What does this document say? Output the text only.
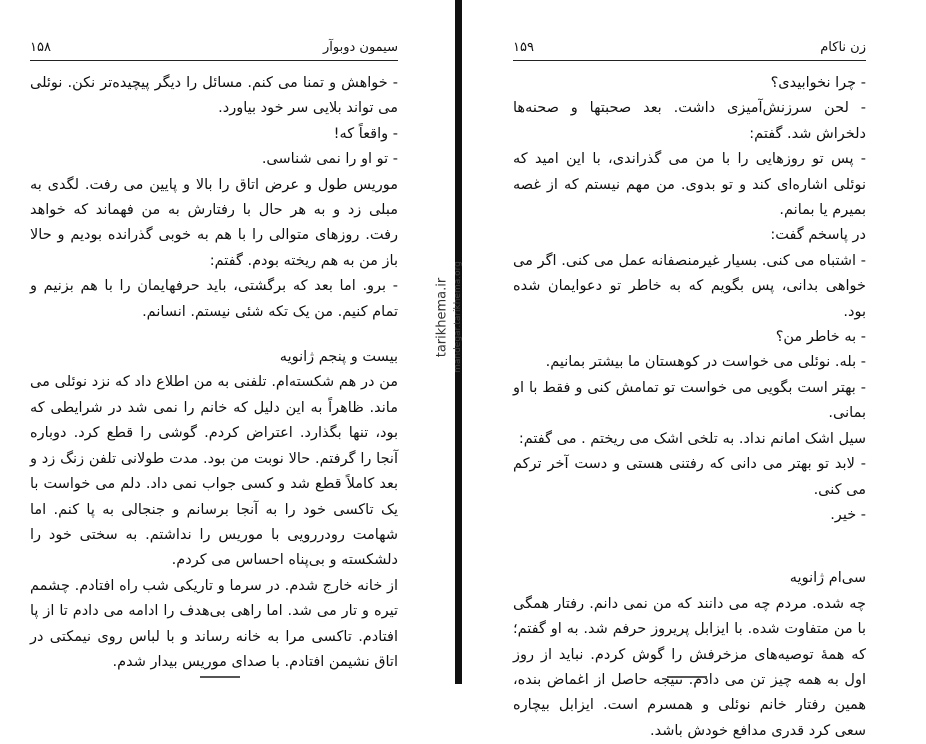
سیمون دوبوآر
۱۵۸

- خواهش و تمنا می کنم. مسائل را دیگر پیچیده‌تر نکن. نوئلی می تواند بلایی سر خود بیاورد.

- واقعاً که!

- تو او را نمی شناسی.

موریس طول و عرض اتاق را بالا و پایین می رفت. لگدی به مبلی زد و به هر حال با رفتارش به من فهماند که خواهد رفت. روزهای متوالی را با هم به خوبی گذرانده بودیم و حالا باز من به هم ریخته بودم. گفتم:

- برو. اما بعد که برگشتی، باید حرفهایمان را با هم بزنیم و تمام کنیم. من یک تکه شئی نیستم. انسانم.

بیست و پنجم ژانویه

من در هم شکسته‌ام. تلفنی به من اطلاع داد که نزد نوئلی می ماند. ظاهراً به این دلیل که خانم را نمی شد در شرایطی که بود، تنها بگذارد. اعتراض کردم. گوشی را قطع کرد. دوباره آنجا را گرفتم. حالا نوبت من بود. مدت طولانی تلفن زنگ زد و بعد کاملاً قطع شد و کسی جواب نمی داد. دلم می خواست با یک تاکسی خود را به آنجا برسانم و جنجالی به پا کنم. اما شهامت رودررویی با موریس را نداشتم. به سختی خود را دلشکسته و بی‌پناه احساس می کردم.

از خانه خارج شدم. در سرما و تاریکی شب راه افتادم. چشمم تیره و تار می شد. اما راهی بی‌هدف را ادامه می دادم تا از پا افتادم. تاکسی مرا به خانه رساند و با لباس روی نیمکتی در اتاق نشیمن افتادم. با صدای موریس بیدار شدم.

tarikhema.ir mandegar.tarikhema.org
زن ناکام
۱۵۹

- چرا نخوابیدی؟

- لحن سرزنش‌آمیزی داشت. بعد صحبتها و صحنه‌ها دلخراش شد. گفتم:

- پس تو روزهایی را با من می گذراندی، با این امید که نوئلی اشاره‌ای کند و تو بدوی. من مهم نیستم که از غصه بمیرم یا بمانم.

در پاسخم گفت:

- اشتباه می کنی. بسیار غیرمنصفانه عمل می کنی. اگر می خواهی بدانی، پس بگویم که به خاطر تو دعوایمان شده بود.

- به خاطر من؟

- بله. نوئلی می خواست در کوهستان ما بیشتر بمانیم.

- بهتر است بگویی می خواست تو تمامش کنی و فقط با او بمانی.

سیل اشک امانم نداد. به تلخی اشک می ریختم . می گفتم:

- لابد تو بهتر می دانی که رفتنی هستی و دست آخر ترکم می کنی.

- خیر.

سی‌ام ژانویه

چه شده. مردم چه می دانند که من نمی دانم. رفتار همگی با من متفاوت شده. با ایزابل پریروز حرفم شد. به او گفتم؛ که همهٔ توصیه‌های مزخرفش را گوش کردم. نباید از روز اول به همه چیز تن می دادم. نتیجه حاصل از اغماض بنده، همین رفتار خانم نوئلی و همسرم است. ایزابل بیچاره سعی کرد قدری مدافع خودش باشد.
